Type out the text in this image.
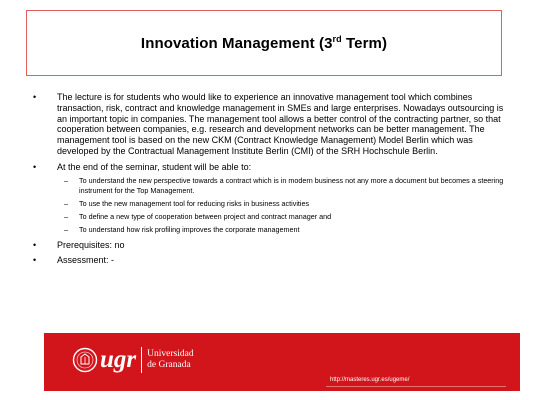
Innovation Management (3rd Term)
• The lecture is for students who would like to experience an innovative management tool which combines transaction, risk, contract and knowledge management in SMEs and large enterprises. Nowadays outsourcing is an important topic in companies. The management tool allows a better control of the contracting partner, so that cooperation between companies, e.g. research and development networks can be better management. The management tool is based on the new CKM (Contract Knowledge Management) Model Berlin which was developed by the Contractual Management Institute Berlin (CMI) of the SRH Hochschule Berlin.
• At the end of the seminar, student will be able to:
– To understand the new perspective towards a contract which is in modern business not any more a document but becomes a steering instrument for the Top Management.
– To use the new management tool for reducing risks in business activities
– To define a new type of cooperation between project and contract manager and
– To understand how risk profiling improves the corporate management
• Prerequisites: no
• Assessment: -
ugr Universidad
de Granada
http://masteres.ugr.es/ugeme/
